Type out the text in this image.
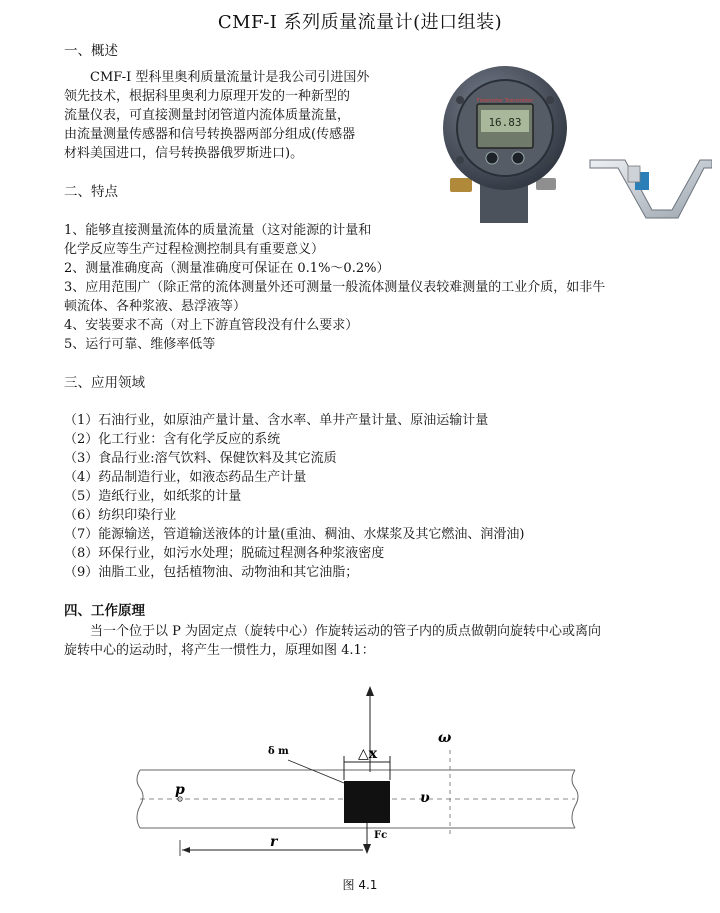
CMF-I 系列质量流量计(进口组装)
一、概述
CMF-I 型科里奥利质量流量计是我公司引进国外
领先技术，根据科里奥利力原理开发的一种新型的
流量仪表，可直接测量封闭管道内流体质量流量，
由流量测量传感器和信号转换器两部分组成(传感器
材料美国进口，信号转换器俄罗斯进口)。
二、特点
1、能够直接测量流体的质量流量（这对能源的计量和
化学反应等生产过程检测控制具有重要意义）
2、测量准确度高（测量准确度可保证在 0.1%～0.2%）
3、应用范围广（除正常的流体测量外还可测量一般流体测量仪表较难测量的工业介质，如非牛
顿流体、各种浆液、悬浮液等）
4、安装要求不高（对上下游直管段没有什么要求）
5、运行可靠、维修率低等
三、应用领域
（1）石油行业，如原油产量计量、含水率、单井产量计量、原油运输计量
（2）化工行业：含有化学反应的系统
（3）食品行业:溶气饮料、保健饮料及其它流质
（4）药品制造行业，如液态药品生产计量
（5）造纸行业，如纸浆的计量
（6）纺织印染行业
（7）能源输送，管道输送液体的计量(重油、稠油、水煤浆及其它燃油、润滑油)
（8）环保行业，如污水处理；脱硫过程测各种浆液密度
（9）油脂工业，包括植物油、动物油和其它油脂；
四、工作原理
当一个位于以 P 为固定点（旋转中心）作旋转运动的管子内的质点做朝向旋转中心或离向
旋转中心的运动时，将产生一惯性力，原理如图 4.1：
Flowmeter Transmitter
16.83
ω
△x
δ m
p	υ
Fc
r
图 4.1
